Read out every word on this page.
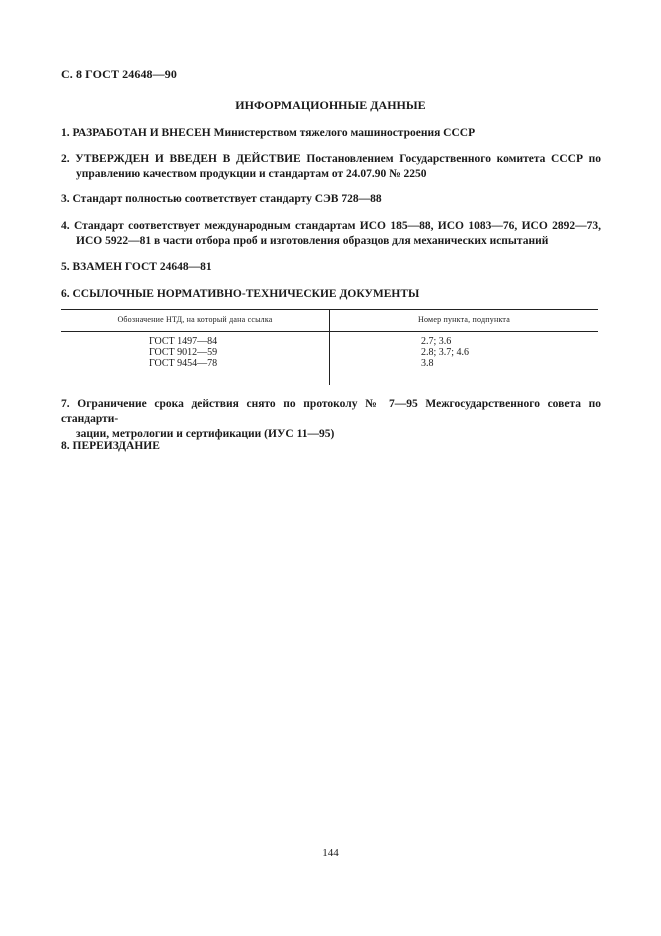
С. 8 ГОСТ 24648—90
ИНФОРМАЦИОННЫЕ ДАННЫЕ
1. РАЗРАБОТАН И ВНЕСЕН Министерством тяжелого машиностроения СССР
2. УТВЕРЖДЕН И ВВЕДЕН В ДЕЙСТВИЕ Постановлением Государственного комитета СССР по
управлению качеством продукции и стандартам от 24.07.90 № 2250
3. Стандарт полностью соответствует стандарту СЭВ 728—88
4. Стандарт соответствует международным стандартам ИСО 185—88, ИСО 1083—76, ИСО 2892—73,
ИСО 5922—81 в части отбора проб и изготовления образцов для механических испытаний
5. ВЗАМЕН ГОСТ 24648—81
6. ССЫЛОЧНЫЕ НОРМАТИВНО-ТЕХНИЧЕСКИЕ ДОКУМЕНТЫ
Обозначение НТД, на который дана ссылка	Номер пункта, подпункта
ГОСТ 1497—84	2.7; 3.6
ГОСТ 9012—59	2.8; 3.7; 4.6
ГОСТ 9454—78	3.8
7. Ограничение срока действия снято по протоколу № 7—95 Межгосударственного совета по стандарти-
зации, метрологии и сертификации (ИУС 11—95)
8. ПЕРЕИЗДАНИЕ
144
